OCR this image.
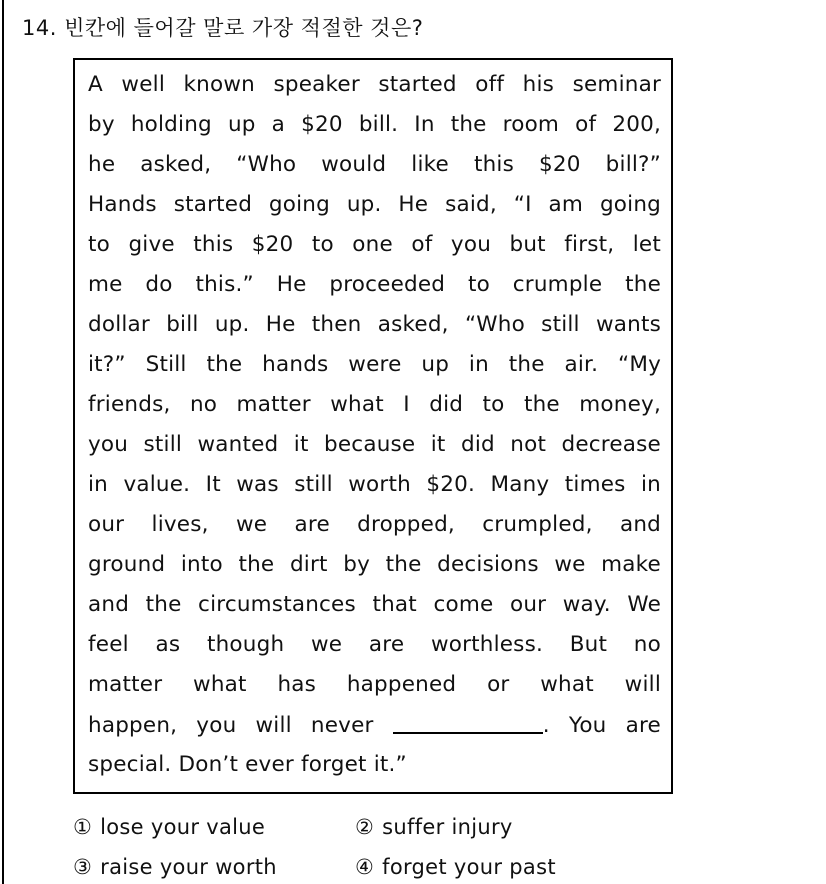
14. 빈칸에 들어갈 말로 가장 적절한 것은?
A well known speaker started off his seminar
by holding up a $20 bill. In the room of 200,
he asked, “Who would like this $20 bill?”
Hands started going up. He said, “I am going
to give this $20 to one of you but first, let
me do this.” He proceeded to crumple the
dollar bill up. He then asked, “Who still wants
it?” Still the hands were up in the air. “My
friends, no matter what I did to the money,
you still wanted it because it did not decrease
in value. It was still worth $20. Many times in
our lives, we are dropped, crumpled, and
ground into the dirt by the decisions we make
and the circumstances that come our way. We
feel as though we are worthless. But no
matter what has happened or what will
happen, you will never	. You are
special. Don’t ever forget it.”
① lose your value	② suffer injury
③ raise your worth	④ forget your past
